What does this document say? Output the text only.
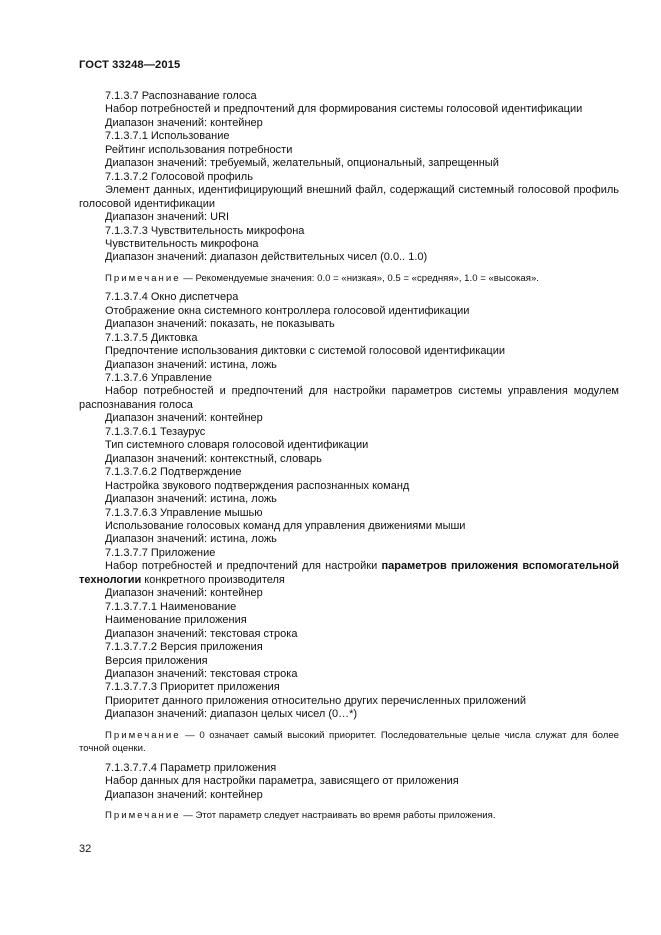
ГОСТ 33248—2015

7.1.3.7 Распознавание голоса

Набор потребностей и предпочтений для формирования системы голосовой идентификации

Диапазон значений: контейнер

7.1.3.7.1 Использование

Рейтинг использования потребности

Диапазон значений: требуемый, желательный, опциональный, запрещенный

7.1.3.7.2 Голосовой профиль

Элемент данных, идентифицирующий внешний файл, содержащий системный голосовой профиль голосовой идентификации

Диапазон значений: URI

7.1.3.7.3 Чувствительность микрофона

Чувствительность микрофона

Диапазон значений: диапазон действительных чисел (0.0.. 1.0)

Примечание — Рекомендуемые значения: 0.0 = «низкая», 0.5 = «средняя», 1.0 = «высокая».

7.1.3.7.4 Окно диспетчера

Отображение окна системного контроллера голосовой идентификации

Диапазон значений: показать, не показывать

7.1.3.7.5 Диктовка

Предпочтение использования диктовки с системой голосовой идентификации

Диапазон значений: истина, ложь

7.1.3.7.6 Управление

Набор потребностей и предпочтений для настройки параметров системы управления модулем распознавания голоса

Диапазон значений: контейнер

7.1.3.7.6.1 Тезаурус

Тип системного словаря голосовой идентификации

Диапазон значений: контекстный, словарь

7.1.3.7.6.2 Подтверждение

Настройка звукового подтверждения распознанных команд

Диапазон значений: истина, ложь

7.1.3.7.6.3 Управление мышью

Использование голосовых команд для управления движениями мыши

Диапазон значений: истина, ложь

7.1.3.7.7 Приложение

Набор потребностей и предпочтений для настройки параметров приложения вспомогательной технологии конкретного производителя

Диапазон значений: контейнер

7.1.3.7.7.1 Наименование

Наименование приложения

Диапазон значений: текстовая строка

7.1.3.7.7.2 Версия приложения

Версия приложения

Диапазон значений: текстовая строка

7.1.3.7.7.3 Приоритет приложения

Приоритет данного приложения относительно других перечисленных приложений

Диапазон значений: диапазон целых чисел (0…*)

Примечание — 0 означает самый высокий приоритет. Последовательные целые числа служат для более точной оценки.

7.1.3.7.7.4 Параметр приложения

Набор данных для настройки параметра, зависящего от приложения

Диапазон значений: контейнер

Примечание — Этот параметр следует настраивать во время работы приложения.

32
